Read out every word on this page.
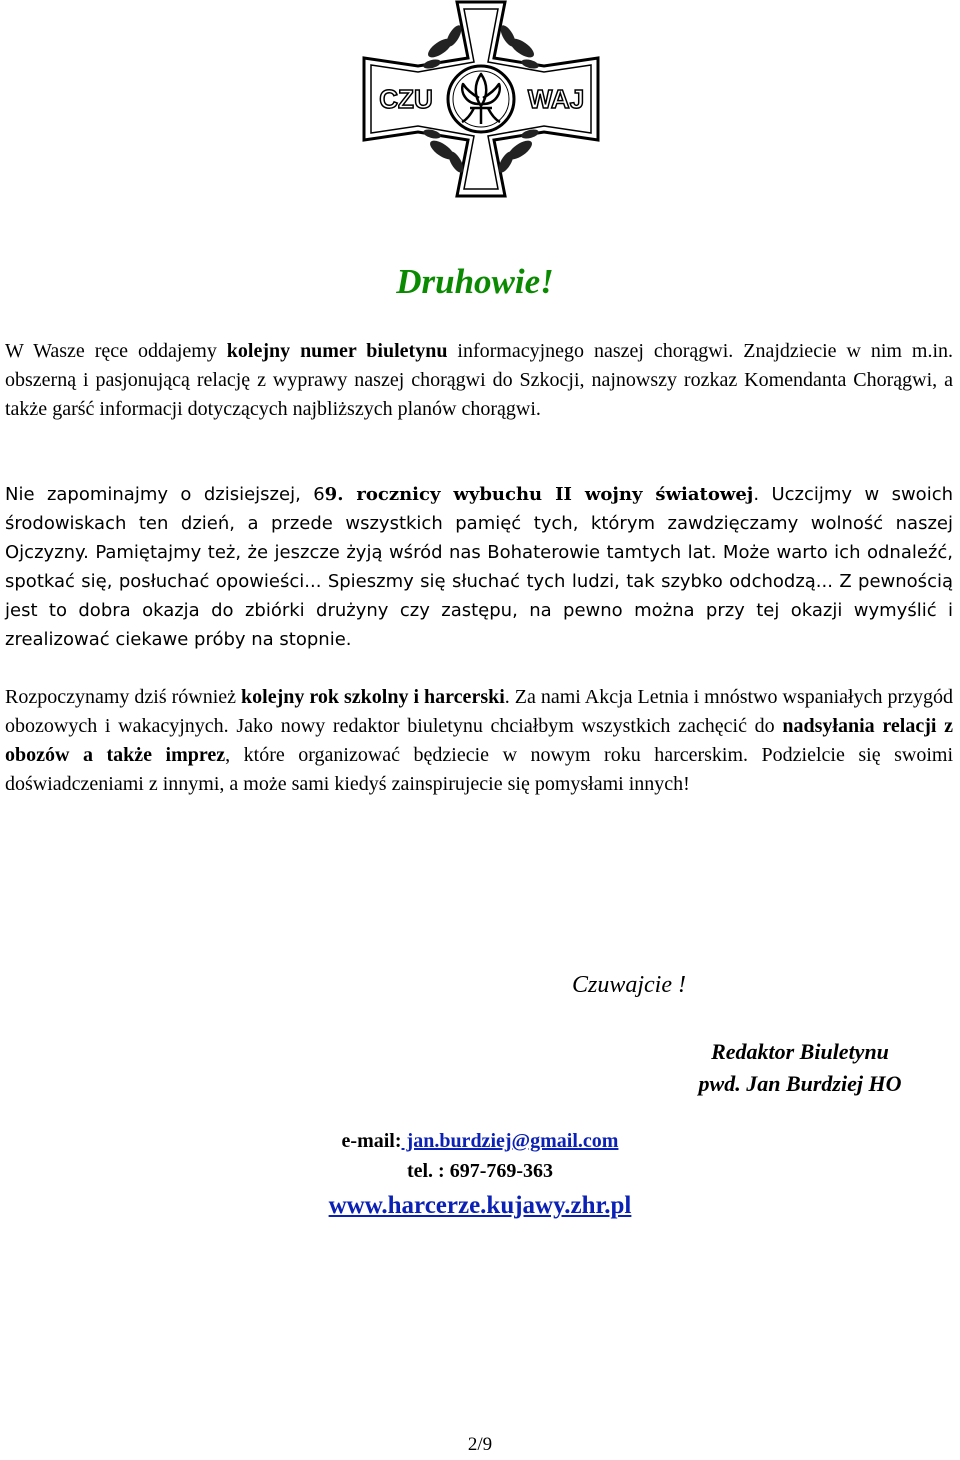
CZU	WAJ
Druhowie!

W Wasze ręce oddajemy kolejny numer biuletynu informacyjnego naszej chorągwi. Znajdziecie w nim m.in. obszerną i pasjonującą relację z wyprawy naszej chorągwi do Szkocji, najnowszy rozkaz Komendanta Chorągwi, a także garść informacji dotyczących najbliższych planów chorągwi.

Nie zapominajmy o dzisiejszej, 69. rocznicy wybuchu II wojny światowej. Uczcijmy w swoich środowiskach ten dzień, a przede wszystkich pamięć tych, którym zawdzięczamy wolność naszej Ojczyzny. Pamiętajmy też, że jeszcze żyją wśród nas Bohaterowie tamtych lat. Może warto ich odnaleźć, spotkać się, posłuchać opowieści... Spieszmy się słuchać tych ludzi, tak szybko odchodzą... Z pewnością jest to dobra okazja do zbiórki drużyny czy zastępu, na pewno można przy tej okazji wymyślić i zrealizować ciekawe próby na stopnie.

Rozpoczynamy dziś również kolejny rok szkolny i harcerski. Za nami Akcja Letnia i mnóstwo wspaniałych przygód obozowych i wakacyjnych. Jako nowy redaktor biuletynu chciałbym wszystkich zachęcić do nadsyłania relacji z obozów a także imprez, które organizować będziecie w nowym roku harcerskim. Podzielcie się swoimi doświadczeniami z innymi, a może sami kiedyś zainspirujecie się pomysłami innych!

Czuwajcie !
Redaktor Biuletynu
pwd. Jan Burdziej HO
e-mail: jan.burdziej@gmail.com
tel. : 697-769-363
www.harcerze.kujawy.zhr.pl
2/9
